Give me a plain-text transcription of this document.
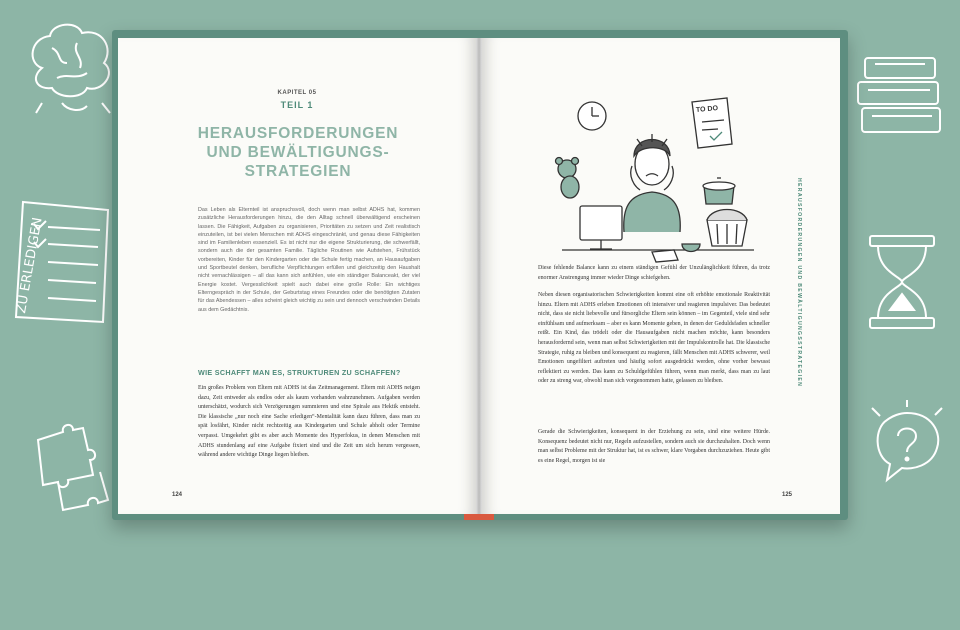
ZU ERLEDIGEN
KAPITEL 05
TEIL 1
HERAUSFORDERUNGEN
UND BEWÄLTIGUNGS-
STRATEGIEN
Das Leben als Elternteil ist anspruchsvoll, doch wenn man selbst ADHS hat, kommen zusätzliche Herausforderungen hinzu, die den Alltag schnell überwältigend erscheinen lassen. Die Fähigkeit, Aufgaben zu organisieren, Prioritäten zu setzen und Zeit realistisch einzuteilen, ist bei vielen Menschen mit ADHS eingeschränkt, und genau diese Fähigkeiten sind im Familienleben essenziell. Es ist nicht nur die eigene Strukturierung, die schwerfällt, sondern auch die der gesamten Familie. Tägliche Routinen wie Aufstehen, Frühstück vorbereiten, Kinder für den Kindergarten oder die Schule fertig machen, an Hausaufgaben und Sportbeutel denken, berufliche Verpflichtungen erfüllen und gleichzeitig den Haushalt nicht vernachlässigen – all das kann sich anfühlen, wie ein ständiger Balanceakt, der viel Energie kostet. Vergesslichkeit spielt auch dabei eine große Rolle: Ein wichtiges Elterngespräch in der Schule, der Geburtstag eines Freundes oder die benötigten Zutaten für das Abendessen – alles scheint gleich wichtig zu sein und dennoch verschwinden Details aus dem Gedächtnis.
WIE SCHAFFT MAN ES, STRUKTUREN ZU SCHAFFEN?
Ein großes Problem von Eltern mit ADHS ist das Zeitmanagement. Eltern mit ADHS neigen dazu, Zeit entweder als endlos oder als kaum vorhanden wahrzunehmen. Aufgaben werden unterschätzt, wodurch sich Verzögerungen summieren und eine Spirale aus Hektik entsteht. Die klassische „nur noch eine Sache erledigen“-Mentalität kann dazu führen, dass man zu spät losfährt, Kinder nicht rechtzeitig aus Kindergarten und Schule abholt oder Termine verpasst. Umgekehrt gibt es aber auch Momente des Hyperfokus, in denen Menschen mit ADHS stundenlang auf eine Aufgabe fixiert sind und die Zeit um sich herum vergessen, während andere wichtige Dinge liegen bleiben.
124
TO DO
Diese fehlende Balance kann zu einem ständigen Gefühl der Unzulänglichkeit führen, da trotz enormer Anstrengung immer wieder Dinge schiefgehen.
Neben diesen organisatorischen Schwierigkeiten kommt eine oft erhöhte emotionale Reaktivität hinzu. Eltern mit ADHS erleben Emotionen oft intensiver und reagieren impulsiver. Das bedeutet nicht, dass sie nicht liebevolle und fürsorgliche Eltern sein können – im Gegenteil, viele sind sehr einfühlsam und aufmerksam – aber es kann Momente geben, in denen der Geduldsfaden schneller reißt. Ein Kind, das trödelt oder die Hausaufgaben nicht machen möchte, kann besonders herausfordernd sein, wenn man selbst Schwierigkeiten mit der Impulskontrolle hat. Die klassische Strategie, ruhig zu bleiben und konsequent zu reagieren, fällt Menschen mit ADHS schwerer, weil Emotionen ungefiltert auftreten und häufig sofort ausgedrückt werden, ohne vorher bewusst reflektiert zu werden. Das kann zu Schuldgefühlen führen, wenn man merkt, dass man zu laut oder zu streng war, obwohl man sich vorgenommen hatte, gelassen zu bleiben.
Gerade die Schwierigkeiten, konsequent in der Erziehung zu sein, sind eine weitere Hürde. Konsequenz bedeutet nicht nur, Regeln aufzustellen, sondern auch sie durchzuhalten. Doch wenn man selbst Probleme mit der Struktur hat, ist es schwer, klare Vorgaben durchzuziehen. Heute gibt es eine Regel, morgen ist sie
HERAUSFORDERUNGEN UND BEWÄLTIGUNGSSTRATEGIEN
125
